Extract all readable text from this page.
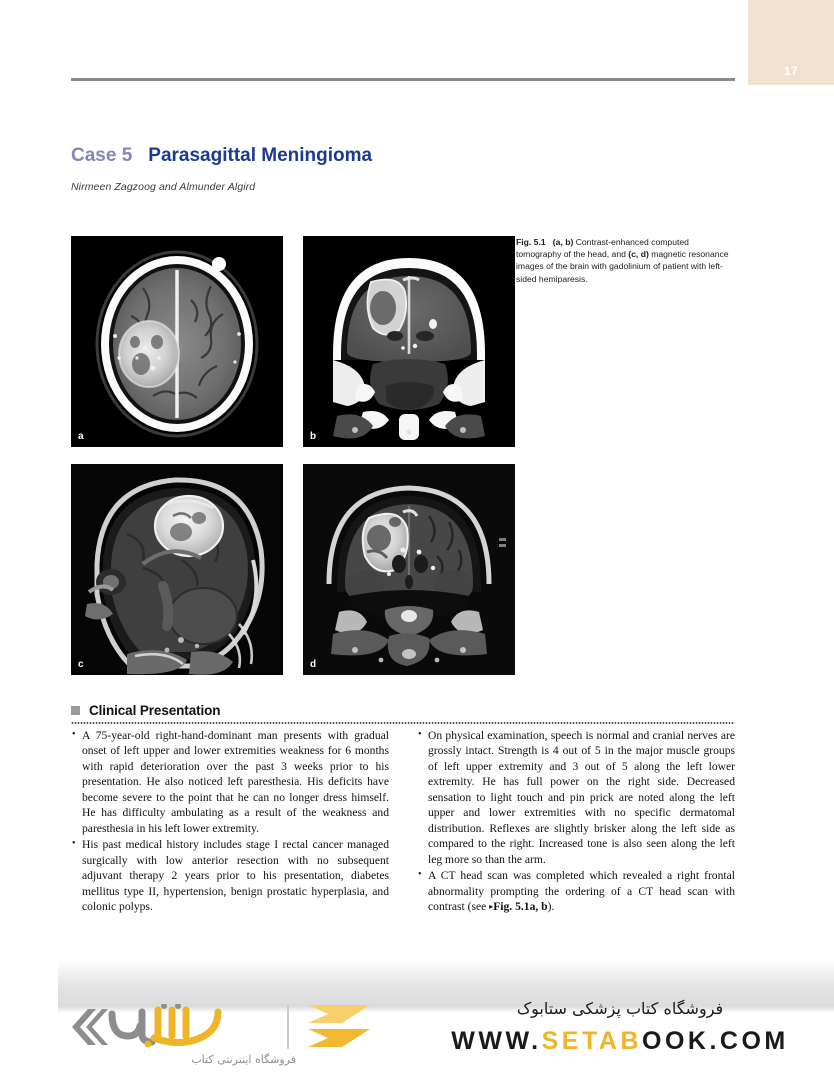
17
Case 5 Parasagittal Meningioma
Nirmeen Zagzoog and Almunder Algird
a	b
c	d
Fig. 5.1 (a, b) Contrast-enhanced computed tomography of the head, and (c, d) magnetic resonance images of the brain with gadolinium of patient with left-sided hemiparesis.
Clinical Presentation
• A 75-year-old right-hand-dominant man presents with gradual onset of left upper and lower extremities weakness for 6 months with rapid deterioration over the past 3 weeks prior to his presentation. He also noticed left paresthesia. His deficits have become severe to the point that he can no longer dress himself. He has difficulty ambulating as a result of the weakness and paresthesia in his left lower extremity.
• His past medical history includes stage I rectal cancer managed surgically with low anterior resection with no subsequent adjuvant therapy 2 years prior to his presentation, diabetes mellitus type II, hypertension, benign prostatic hyperplasia, and colonic polyps.
• On physical examination, speech is normal and cranial nerves are grossly intact. Strength is 4 out of 5 in the major muscle groups of left upper extremity and 3 out of 5 along the left lower extremity. He has full power on the right side. Decreased sensation to light touch and pin prick are noted along the left upper and lower extremities with no specific dermatomal distribution. Reflexes are slightly brisker along the left side as compared to the right. Increased tone is also seen along the left leg more so than the arm.
• A CT head scan was completed which revealed a right frontal abnormality prompting the ordering of a CT head scan with contrast (see ▸Fig. 5.1a, b).
فروشگاه اینترنتی کتاب
فروشگاه کتاب پزشکی ستابوک
WWW.SETABOOK.COM
